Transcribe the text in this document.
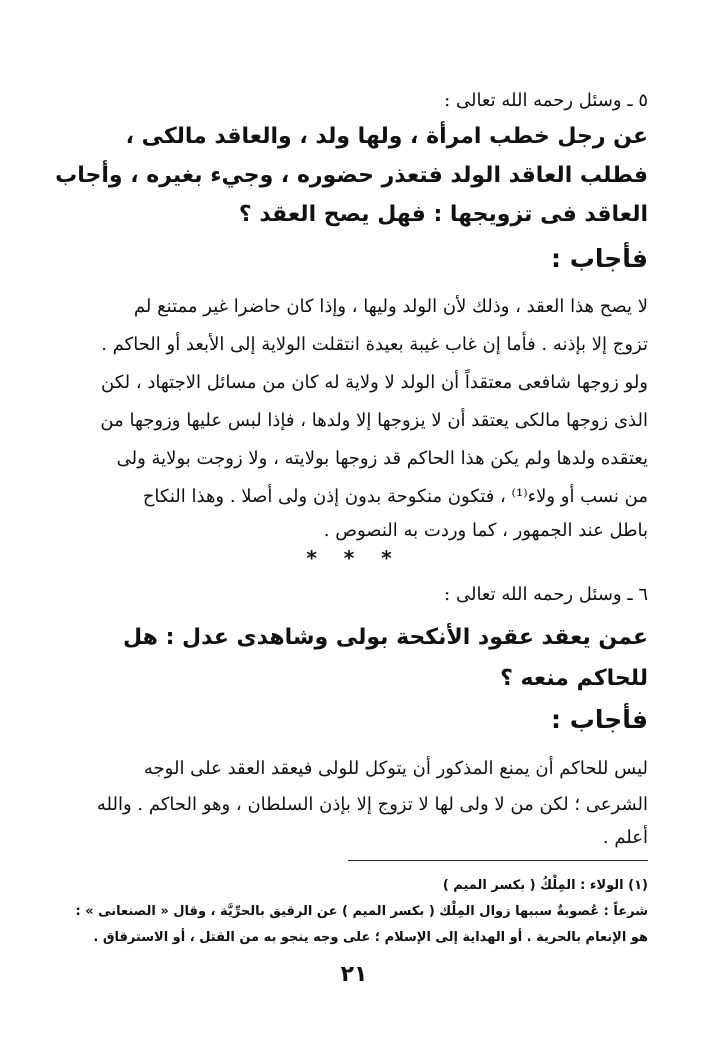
٥ ـ وسئل رحمه الله تعالى :
عن رجل خطب امرأة ، ولها ولد ، والعاقد مالكى ،
فطلب العاقد الولد فتعذر حضوره ، وجيء بغيره ، وأجاب
العاقد فى تزويجها : فهل يصح العقد ؟
فأجاب :
لا يصح هذا العقد ، وذلك لأن الولد وليها ، وإذا كان حاضرا غير ممتنع لم
تزوج إلا بإذنه . فأما إن غاب غيبة بعيدة انتقلت الولاية إلى الأبعد أو الحاكم .
ولو زوجها شافعى معتقداً أن الولد لا ولاية له كان من مسائل الاجتهاد ، لكن
الذى زوجها مالكى يعتقد أن لا يزوجها إلا ولدها ، فإذا لبس عليها وزوجها من
يعتقده ولدها ولم يكن هذا الحاكم قد زوجها بولايته ، ولا زوجت بولاية ولى
من نسب أو ولاء⁽¹⁾ ، فتكون منكوحة بدون إذن ولى أصلا . وهذا النكاح
باطل عند الجمهور ، كما وردت به النصوص .
* * *
٦ ـ وسئل رحمه الله تعالى :
عمن يعقد عقود الأنكحة بولى وشاهدى عدل : هل
للحاكم منعه ؟
فأجاب :
ليس للحاكم أن يمنع المذكور أن يتوكل للولى فيعقد العقد على الوجه
الشرعى ؛ لكن من لا ولى لها لا تزوج إلا بإذن السلطان ، وهو الحاكم . والله
أعلم .
(١) الولاء : المِلْكُ ( بكسر الميم )
شرعاً : عُصوبةٌ سببها زوال المِلْك ( بكسر الميم ) عن الرقيق بالحرِّيَّة ، وقال « الصنعانى » :
هو الإنعام بالحرية . أو الهداية إلى الإسلام ؛ على وجه ينجو به من القتل ، أو الاسترقاق .
٢١
